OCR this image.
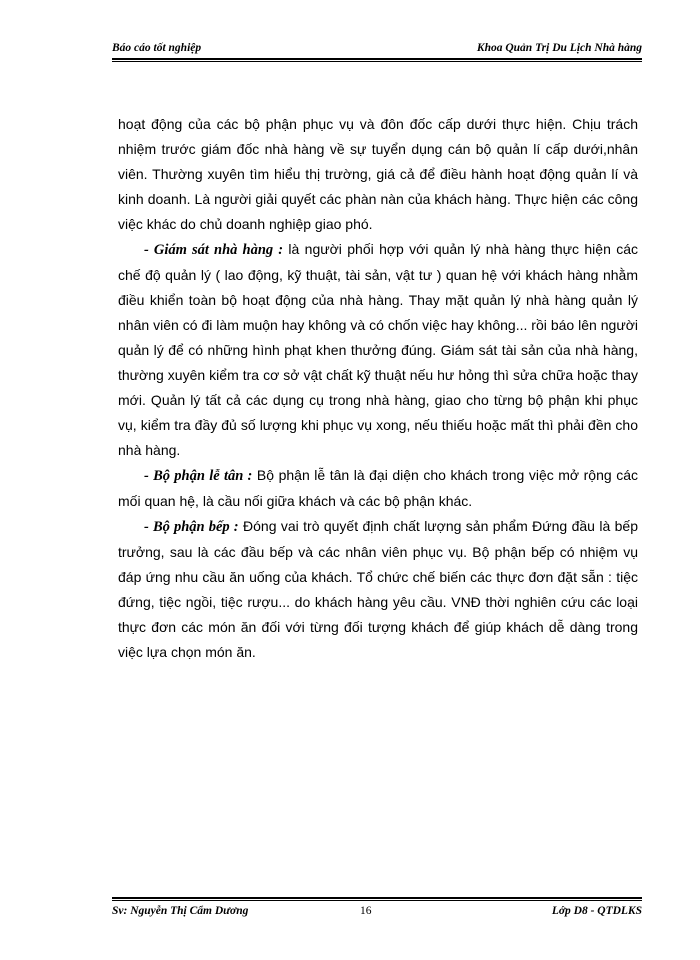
Báo cáo tốt nghiệp	Khoa Quản Trị Du Lịch Nhà hàng

hoạt động của các bộ phận phục vụ và đôn đốc cấp dưới thực hiện. Chịu trách nhiệm trước giám đốc nhà hàng về sự tuyển dụng cán bộ quản lí cấp dưới,nhân viên. Thường xuyên tìm hiểu thị trường, giá cả để điều hành hoạt động quản lí và kinh doanh. Là người giải quyết các phàn nàn của khách hàng. Thực hiện các công việc khác do chủ doanh nghiệp giao phó.

- Giám sát nhà hàng : là người phối hợp với quản lý nhà hàng thực hiện các chế độ quản lý ( lao động, kỹ thuật, tài sản, vật tư ) quan hệ với khách hàng nhằm điều khiển toàn bộ hoạt động của nhà hàng. Thay mặt quản lý nhà hàng quản lý nhân viên có đi làm muộn hay không và có chốn việc hay không... rồi báo lên người quản lý để có những hình phạt khen thưởng đúng. Giám sát tài sản của nhà hàng, thường xuyên kiểm tra cơ sở vật chất kỹ thuật nếu hư hỏng thì sửa chữa hoặc thay mới. Quản lý tất cả các dụng cụ trong nhà hàng, giao cho từng bộ phận khi phục vụ, kiểm tra đầy đủ số lượng khi phục vụ xong, nếu thiếu hoặc mất thì phải đền cho nhà hàng.

- Bộ phận lễ tân : Bộ phận lễ tân là đại diện cho khách trong việc mở rộng các mối quan hệ, là cầu nối giữa khách và các bộ phận khác.

- Bộ phận bếp : Đóng vai trò quyết định chất lượng sản phẩm Đứng đầu là bếp trưởng, sau là các đầu bếp và các nhân viên phục vụ. Bộ phận bếp có nhiệm vụ đáp ứng nhu cầu ăn uống của khách. Tổ chức chế biến các thực đơn đặt sẵn : tiệc đứng, tiệc ngồi, tiệc rượu... do khách hàng yêu cầu. VNĐ thời nghiên cứu các loại thực đơn các món ăn đối với từng đối tượng khách để giúp khách dễ dàng trong việc lựa chọn món ăn.

Sv: Nguyễn Thị Cẩm Dương	16	Lớp D8 - QTDLKS
